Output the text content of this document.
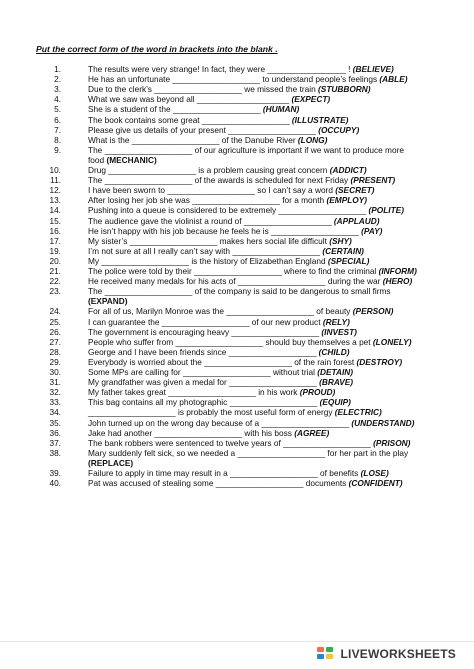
Put the correct form of the word in brackets into the blank .
1.	The results were very strange! In fact, they were _________________ ! (BELIEVE)
2.	He has an unfortunate ___________________ to understand people’s feelings (ABLE)
3.	Due to the clerk’s ___________________ we missed the train (STUBBORN)
4.	What we saw was beyond all ____________________ (EXPECT)
5.	She is a student of the ___________________ (HUMAN)
6.	The book contains some great ___________________ (ILLUSTRATE)
7.	Please give us details of your present ___________________ (OCCUPY)
8.	What is the ___________________ of the Danube River (LONG)
9.	The ___________________ of our agriculture is important if we want to produce more
food (MECHANIC)
10.	Drug ___________________ is a problem causing great concern (ADDICT)
11.	The ___________________ of the awards is scheduled for next Friday (PRESENT)
12.	I have been sworn to ___________________ so I can’t say a word (SECRET)
13.	After losing her job she was ___________________ for a month (EMPLOY)
14.	Pushing into a queue is considered to be extremely ___________________ (POLITE)
15.	The audience gave the violinist a round of ___________________ (APPLAUD)
16.	He isn’t happy with his job because he feels he is ___________________ (PAY)
17.	My sister’s ___________________ makes hers social life difficult (SHY)
19.	I’m not sure at all I really can’t say with ___________________ (CERTAIN)
20.	My ___________________ is the history of Elizabethan England (SPECIAL)
21.	The police were told by their ___________________ where to find the criminal (INFORM)
22.	He received many medals for his acts of ___________________ during the war (HERO)
23.	The ___________________ of the company is said to be dangerous to small firms
(EXPAND)
24.	For all of us, Marilyn Monroe was the ___________________ of beauty (PERSON)
25.	I can guarantee the ___________________ of our new product (RELY)
26.	The government is encouraging heavy ___________________ (INVEST)
27.	People who suffer from ___________________ should buy themselves a pet (LONELY)
28.	George and I have been friends since ___________________ (CHILD)
29.	Everybody is worried about the ___________________ of the rain forest (DESTROY)
30.	Some MPs are calling for ___________________ without trial (DETAIN)
31.	My grandfather was given a medal for ___________________ (BRAVE)
32.	My father takes great ___________________ in his work (PROUD)
33.	This bag contains all my photographic ___________________ (EQUIP)
34.	___________________ is probably the most useful form of energy (ELECTRIC)
35.	John turned up on the wrong day because of a ___________________ (UNDERSTAND)
36.	Jake had another ___________________ with his boss (AGREE)
37.	The bank robbers were sentenced to twelve years of ___________________ (PRISON)
38.	Mary suddenly felt sick, so we needed a ___________________ for her part in the play
(REPLACE)
39.	Failure to apply in time may result in a ___________________ of benefits (LOSE)
40.	Pat was accused of stealing some ___________________ documents (CONFIDENT)
LIVEWORKSHEETS
